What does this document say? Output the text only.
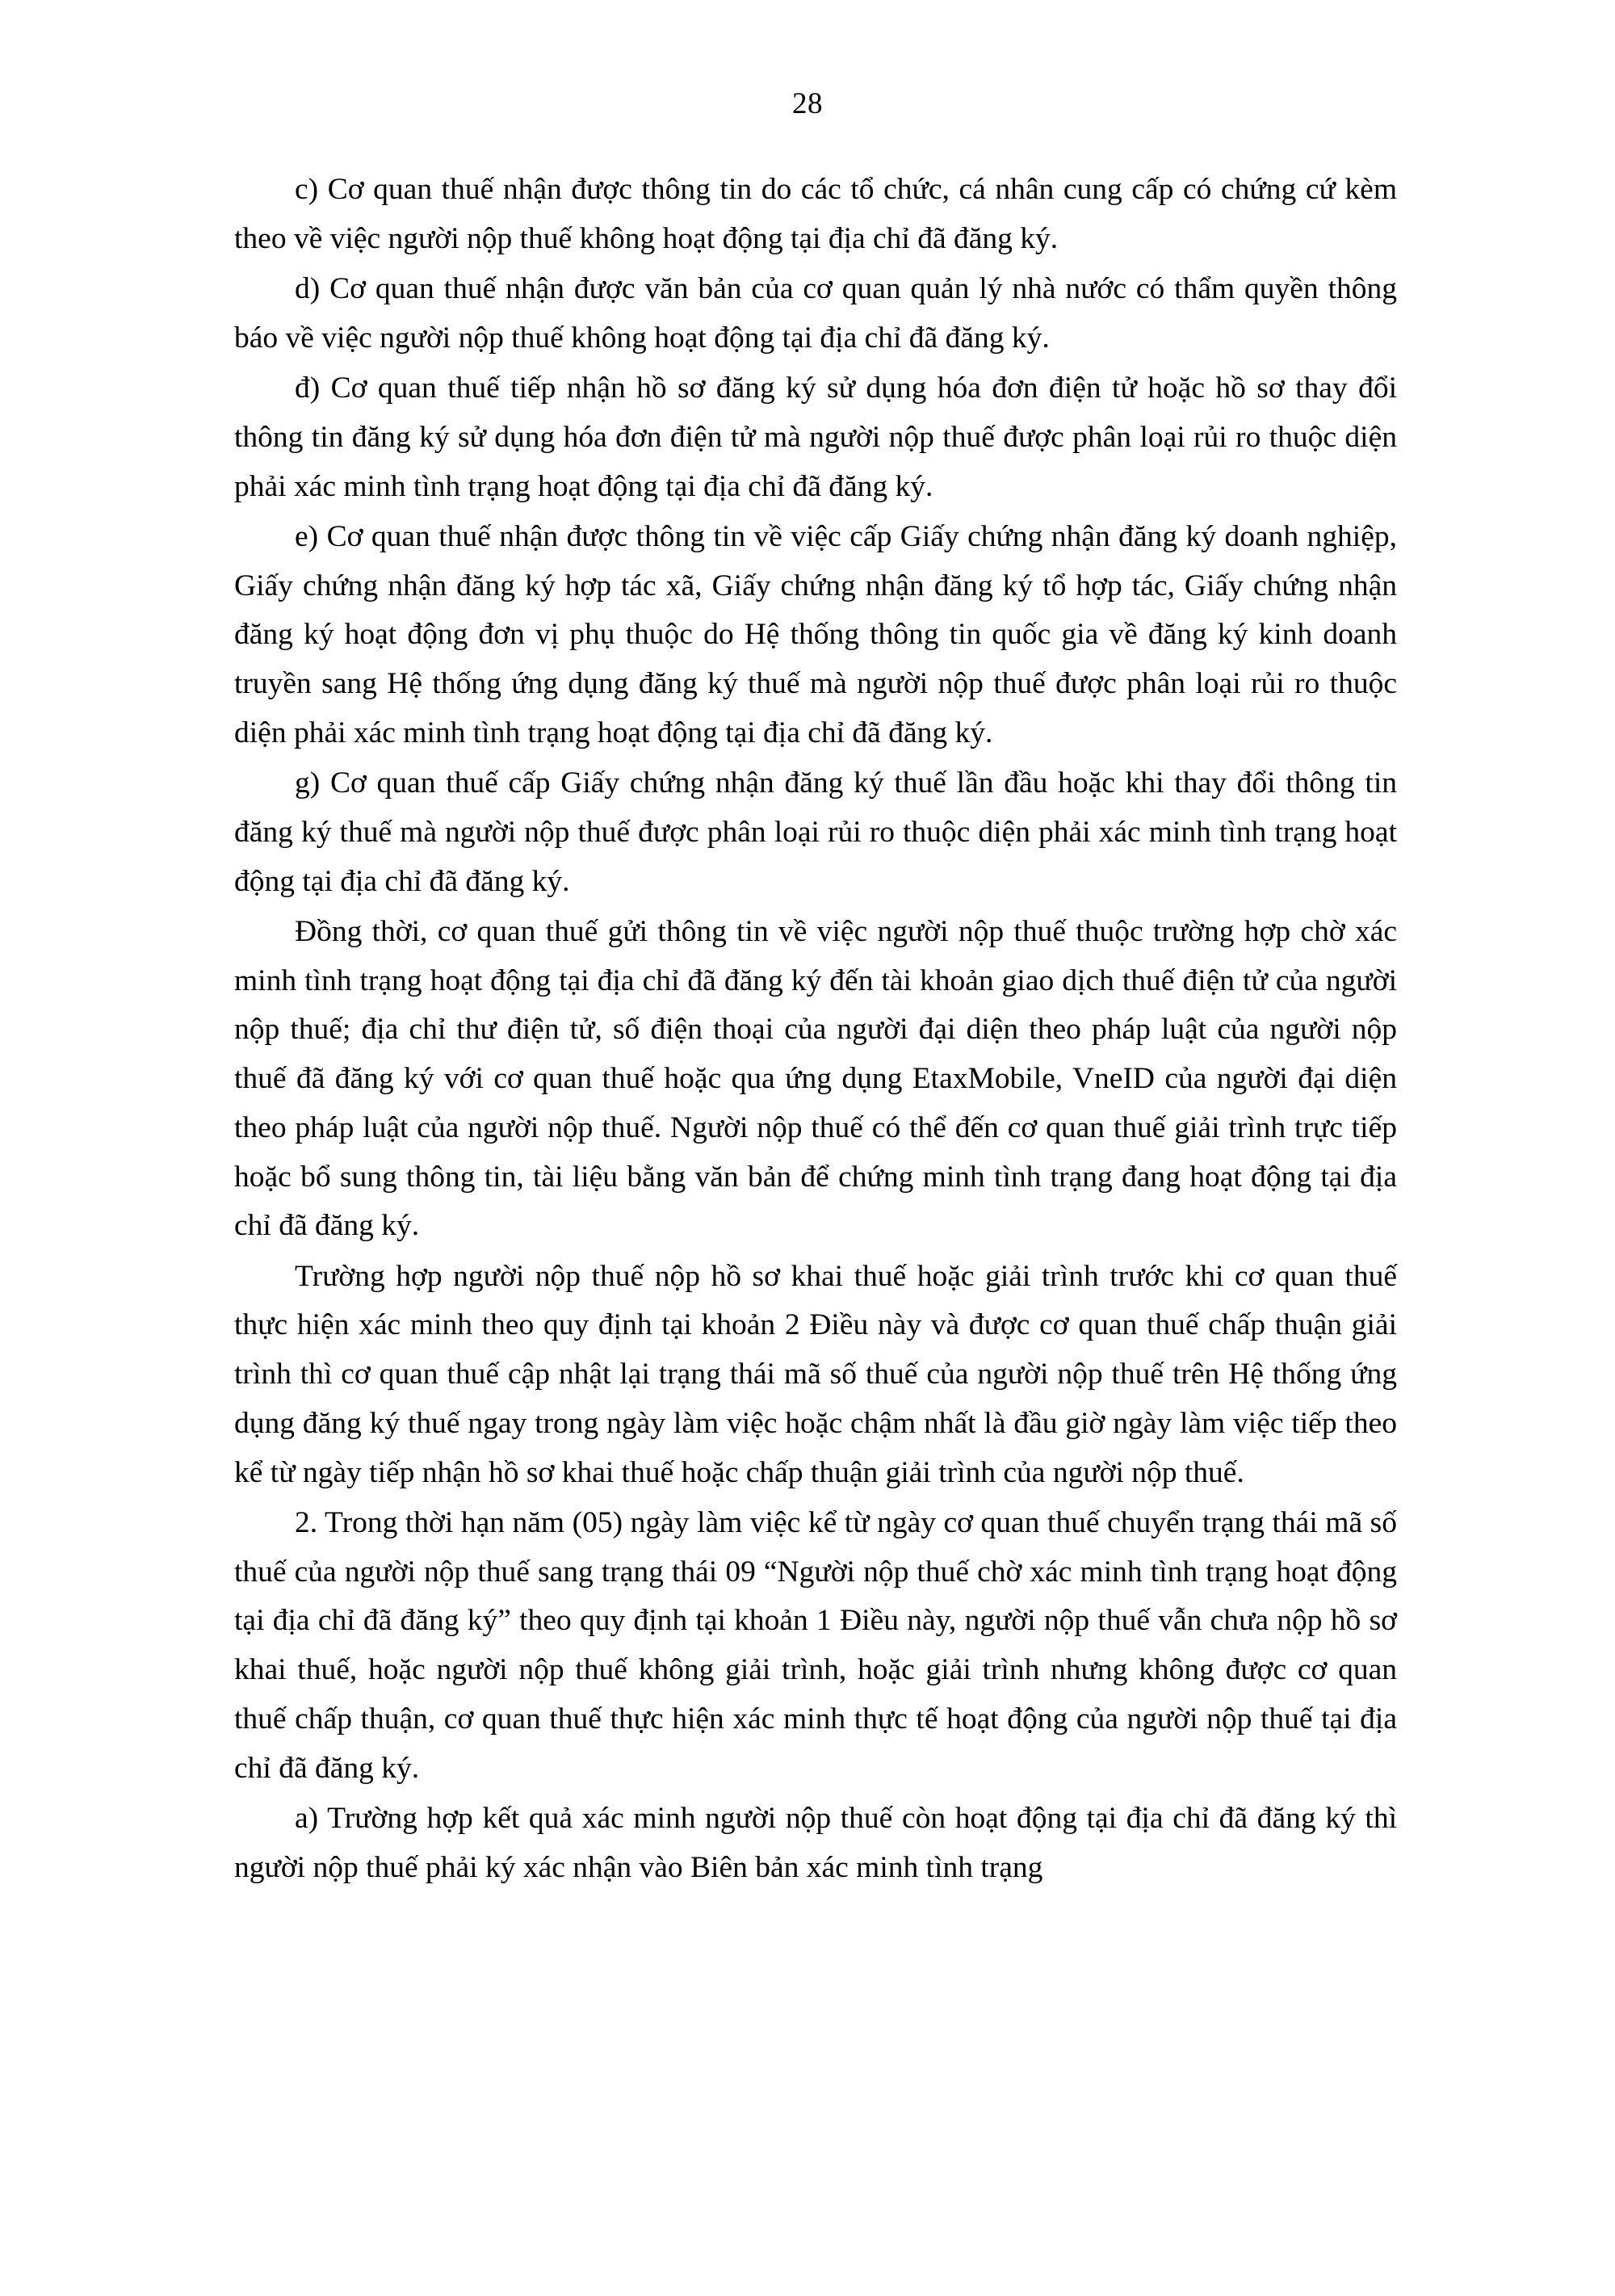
28

c) Cơ quan thuế nhận được thông tin do các tổ chức, cá nhân cung cấp có chứng cứ kèm theo về việc người nộp thuế không hoạt động tại địa chỉ đã đăng ký.

d) Cơ quan thuế nhận được văn bản của cơ quan quản lý nhà nước có thẩm quyền thông báo về việc người nộp thuế không hoạt động tại địa chỉ đã đăng ký.

đ) Cơ quan thuế tiếp nhận hồ sơ đăng ký sử dụng hóa đơn điện tử hoặc hồ sơ thay đổi thông tin đăng ký sử dụng hóa đơn điện tử mà người nộp thuế được phân loại rủi ro thuộc diện phải xác minh tình trạng hoạt động tại địa chỉ đã đăng ký.

e) Cơ quan thuế nhận được thông tin về việc cấp Giấy chứng nhận đăng ký doanh nghiệp, Giấy chứng nhận đăng ký hợp tác xã, Giấy chứng nhận đăng ký tổ hợp tác, Giấy chứng nhận đăng ký hoạt động đơn vị phụ thuộc do Hệ thống thông tin quốc gia về đăng ký kinh doanh truyền sang Hệ thống ứng dụng đăng ký thuế mà người nộp thuế được phân loại rủi ro thuộc diện phải xác minh tình trạng hoạt động tại địa chỉ đã đăng ký.

g) Cơ quan thuế cấp Giấy chứng nhận đăng ký thuế lần đầu hoặc khi thay đổi thông tin đăng ký thuế mà người nộp thuế được phân loại rủi ro thuộc diện phải xác minh tình trạng hoạt động tại địa chỉ đã đăng ký.

Đồng thời, cơ quan thuế gửi thông tin về việc người nộp thuế thuộc trường hợp chờ xác minh tình trạng hoạt động tại địa chỉ đã đăng ký đến tài khoản giao dịch thuế điện tử của người nộp thuế; địa chỉ thư điện tử, số điện thoại của người đại diện theo pháp luật của người nộp thuế đã đăng ký với cơ quan thuế hoặc qua ứng dụng EtaxMobile, VneID của người đại diện theo pháp luật của người nộp thuế. Người nộp thuế có thể đến cơ quan thuế giải trình trực tiếp hoặc bổ sung thông tin, tài liệu bằng văn bản để chứng minh tình trạng đang hoạt động tại địa chỉ đã đăng ký.

Trường hợp người nộp thuế nộp hồ sơ khai thuế hoặc giải trình trước khi cơ quan thuế thực hiện xác minh theo quy định tại khoản 2 Điều này và được cơ quan thuế chấp thuận giải trình thì cơ quan thuế cập nhật lại trạng thái mã số thuế của người nộp thuế trên Hệ thống ứng dụng đăng ký thuế ngay trong ngày làm việc hoặc chậm nhất là đầu giờ ngày làm việc tiếp theo kể từ ngày tiếp nhận hồ sơ khai thuế hoặc chấp thuận giải trình của người nộp thuế.

2. Trong thời hạn năm (05) ngày làm việc kể từ ngày cơ quan thuế chuyển trạng thái mã số thuế của người nộp thuế sang trạng thái 09 “Người nộp thuế chờ xác minh tình trạng hoạt động tại địa chỉ đã đăng ký” theo quy định tại khoản 1 Điều này, người nộp thuế vẫn chưa nộp hồ sơ khai thuế, hoặc người nộp thuế không giải trình, hoặc giải trình nhưng không được cơ quan thuế chấp thuận, cơ quan thuế thực hiện xác minh thực tế hoạt động của người nộp thuế tại địa chỉ đã đăng ký.

a) Trường hợp kết quả xác minh người nộp thuế còn hoạt động tại địa chỉ đã đăng ký thì người nộp thuế phải ký xác nhận vào Biên bản xác minh tình trạng
